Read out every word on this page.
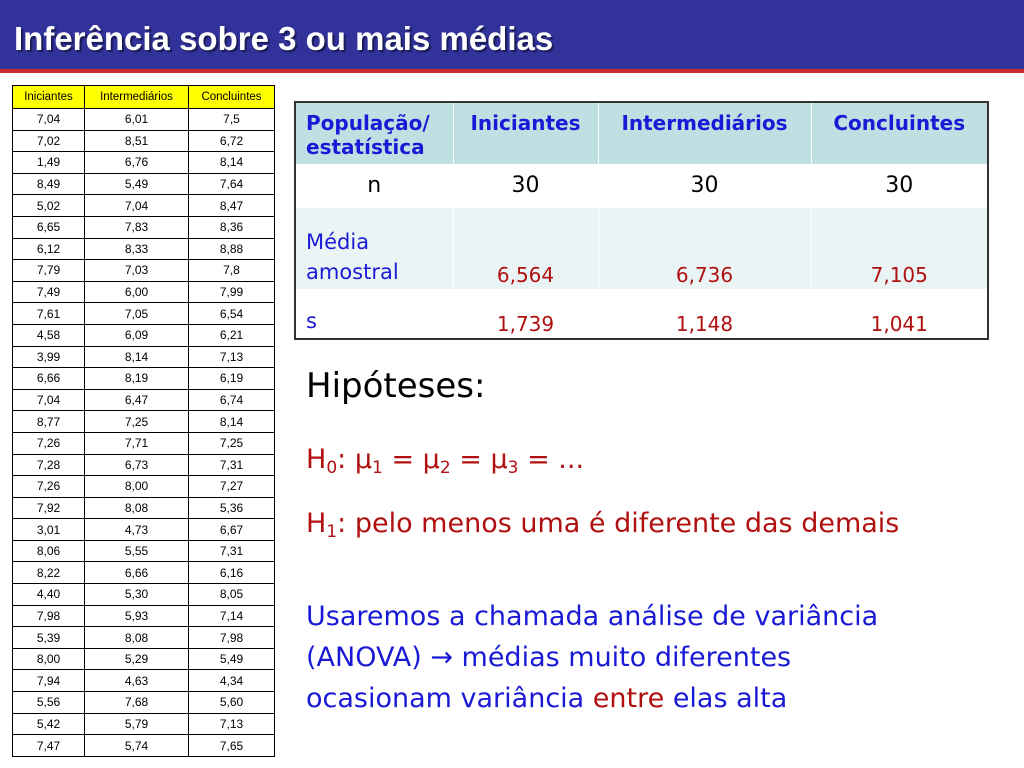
Inferência sobre 3 ou mais médias
Iniciantes	Intermediários	Concluintes
7,04	6,01	7,5
7,02	8,51	6,72
1,49	6,76	8,14
8,49	5,49	7,64
5,02	7,04	8,47
6,65	7,83	8,36
6,12	8,33	8,88
7,79	7,03	7,8
7,49	6,00	7,99
7,61	7,05	6,54
4,58	6,09	6,21
3,99	8,14	7,13
6,66	8,19	6,19
7,04	6,47	6,74
8,77	7,25	8,14
7,26	7,71	7,25
7,28	6,73	7,31
7,26	8,00	7,27
7,92	8,08	5,36
3,01	4,73	6,67
8,06	5,55	7,31
8,22	6,66	6,16
4,40	5,30	8,05
7,98	5,93	7,14
5,39	8,08	7,98
8,00	5,29	5,49
7,94	4,63	4,34
5,56	7,68	5,60
5,42	5,79	7,13
7,47	5,74	7,65
População/
estatística	Iniciantes	Intermediários	Concluintes
n	30	30	30
Média
amostral	6,564	6,736	7,105
s	1,739	1,148	1,041
Hipóteses:
$H_0$: $\mu_1 = \mu_2 = \mu_3$ = ...
$H_1$: pelo menos uma é diferente das demais
Usaremos a chamada análise de variância
(ANOVA) → médias muito diferentes
ocasionam variância entre elas alta
